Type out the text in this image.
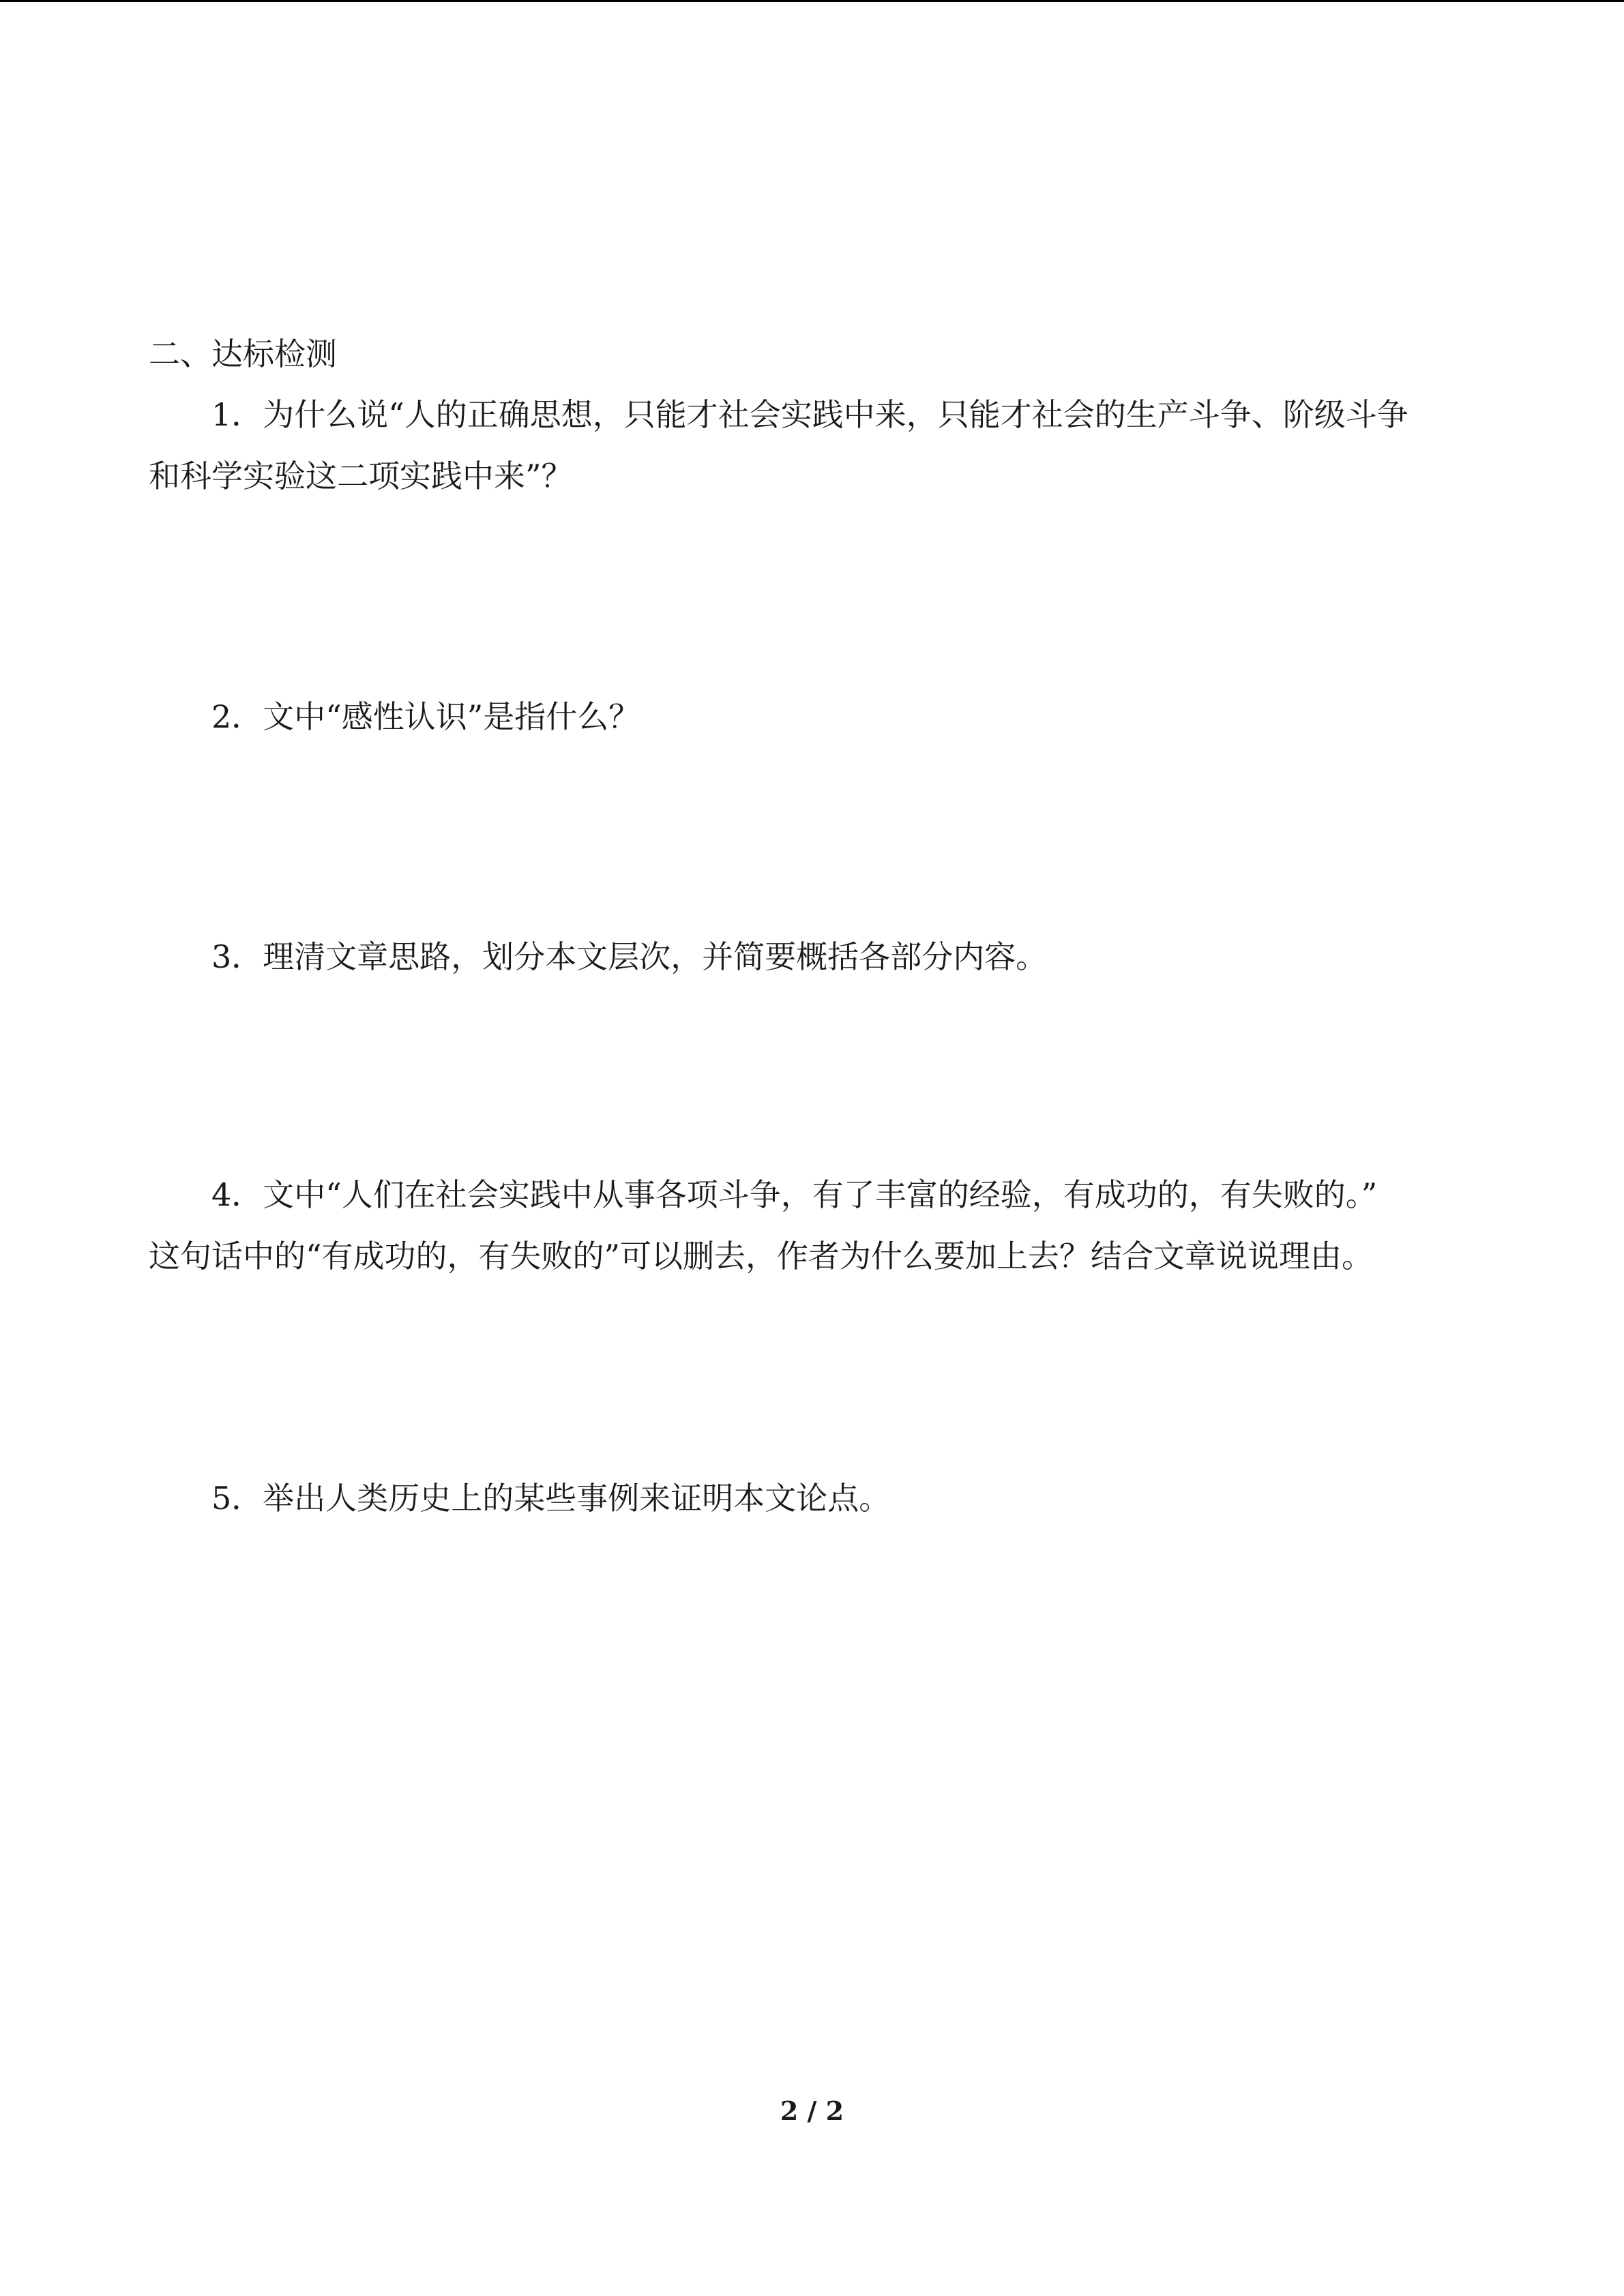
二、达标检测
1．为什么说“人的正确思想，只能才社会实践中来，只能才社会的生产斗争、阶级斗争
和科学实验这二项实践中来”？
2．文中“感性认识”是指什么？
3．理清文章思路，划分本文层次，并简要概括各部分内容。
4．文中“人们在社会实践中从事各项斗争，有了丰富的经验，有成功的，有失败的。”
这句话中的“有成功的，有失败的”可以删去，作者为什么要加上去？结合文章说说理由。
5．举出人类历史上的某些事例来证明本文论点。
2 / 2
